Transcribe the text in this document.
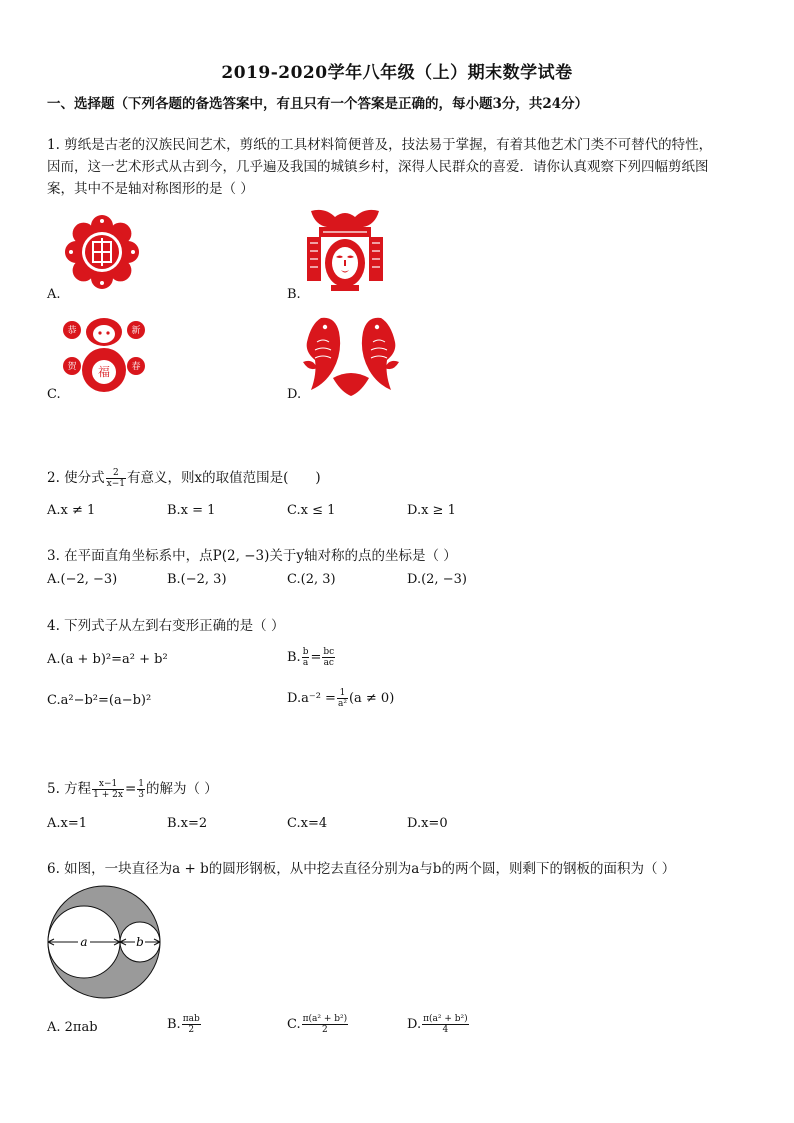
2019-2020学年八年级（上）期末数学试卷
一、选择题（下列各题的备选答案中，有且只有一个答案是正确的，每小题3分，共24分）
1. 剪纸是古老的汉族民间艺术，剪纸的工具材料简便普及，技法易于掌握，有着其他艺术门类不可替代的特性，
因而，这一艺术形式从古到今，几乎遍及我国的城镇乡村，深得人民群众的喜爱．请你认真观察下列四幅剪纸图
案，其中不是轴对称图形的是（ ）
A.	B.
恭	新
贺	春
福
C.	D.
2. 使分式 $\frac{2}{x-1}$ 有意义，则x的取值范围是(　　)
A.x ≠ 1	B.x = 1	C.x ≤ 1	D.x ≥ 1
3. 在平面直角坐标系中，点P(2, −3)关于y轴对称的点的坐标是（ ）
A.(−2, −3)	B.(−2, 3)	C.(2, 3)	D.(2, −3)
4. 下列式子从左到右变形正确的是（ ）
A.(a + b)²=a² + b²	B. $\frac{b}{a} = \frac{bc}{ac}$
C.a²−b²=(a−b)²	$D.a^{-2} = \frac{1}{\text{a²}} (a \ne 0)$
5. 方程 $\frac{x-1}{1 + 2x} = \frac{1}{3}$ 的解为（ ）
A.x=1	B.x=2	C.x=4	D.x=0
6. 如图，一块直径为a + b的圆形钢板，从中挖去直径分别为a与b的两个圆，则剩下的钢板的面积为（ ）
a	b
A. 2πab	B. $\frac{\text{πab}}{2}$	C. $\frac{\text{π(a² + b²)}}{2}$	D. $\frac{\text{π(a² + b²)}}{4}$
